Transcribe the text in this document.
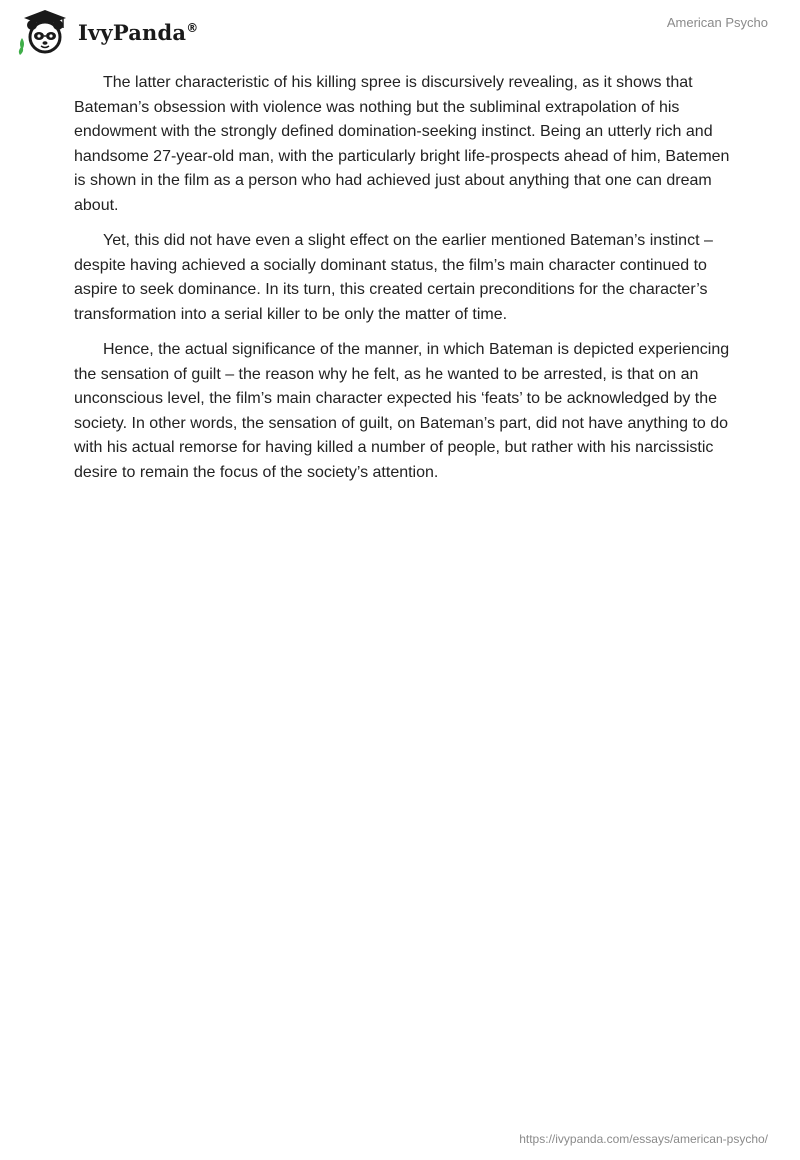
IvyPanda®	American Psycho

The latter characteristic of his killing spree is discursively revealing, as it shows that Bateman’s obsession with violence was nothing but the subliminal extrapolation of his endowment with the strongly defined domination-seeking instinct. Being an utterly rich and handsome 27-year-old man, with the particularly bright life-prospects ahead of him, Batemen is shown in the film as a person who had achieved just about anything that one can dream about.

Yet, this did not have even a slight effect on the earlier mentioned Bateman’s instinct – despite having achieved a socially dominant status, the film’s main character continued to aspire to seek dominance. In its turn, this created certain preconditions for the character’s transformation into a serial killer to be only the matter of time.

Hence, the actual significance of the manner, in which Bateman is depicted experiencing the sensation of guilt – the reason why he felt, as he wanted to be arrested, is that on an unconscious level, the film’s main character expected his ‘feats’ to be acknowledged by the society. In other words, the sensation of guilt, on Bateman’s part, did not have anything to do with his actual remorse for having killed a number of people, but rather with his narcissistic desire to remain the focus of the society’s attention.

https://ivypanda.com/essays/american-psycho/
